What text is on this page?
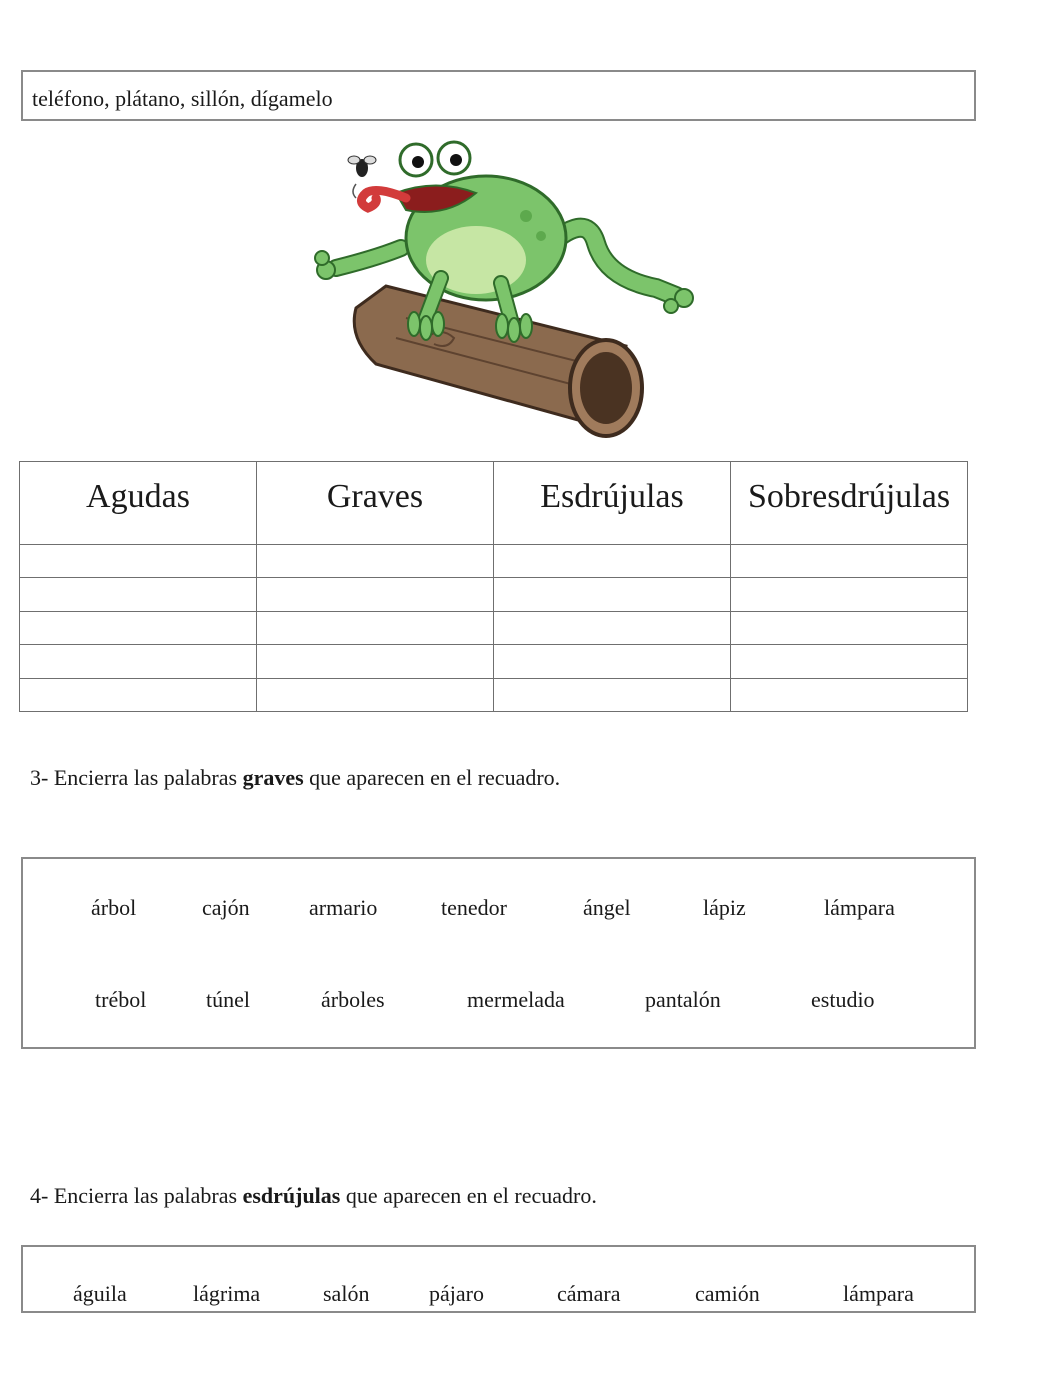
teléfono, plátano, sillón, dígamelo
Agudas	Graves	Esdrújulas	Sobresdrújulas

3- Encierra las palabras graves que aparecen en el recuadro.
árbol	cajón	armario	tenedor	ángel	lápiz	lámpara
trébol	túnel	árboles	mermelada	pantalón	estudio
4- Encierra las palabras esdrújulas que aparecen en el recuadro.
águila	lágrima	salón	pájaro	cámara	camión	lámpara
